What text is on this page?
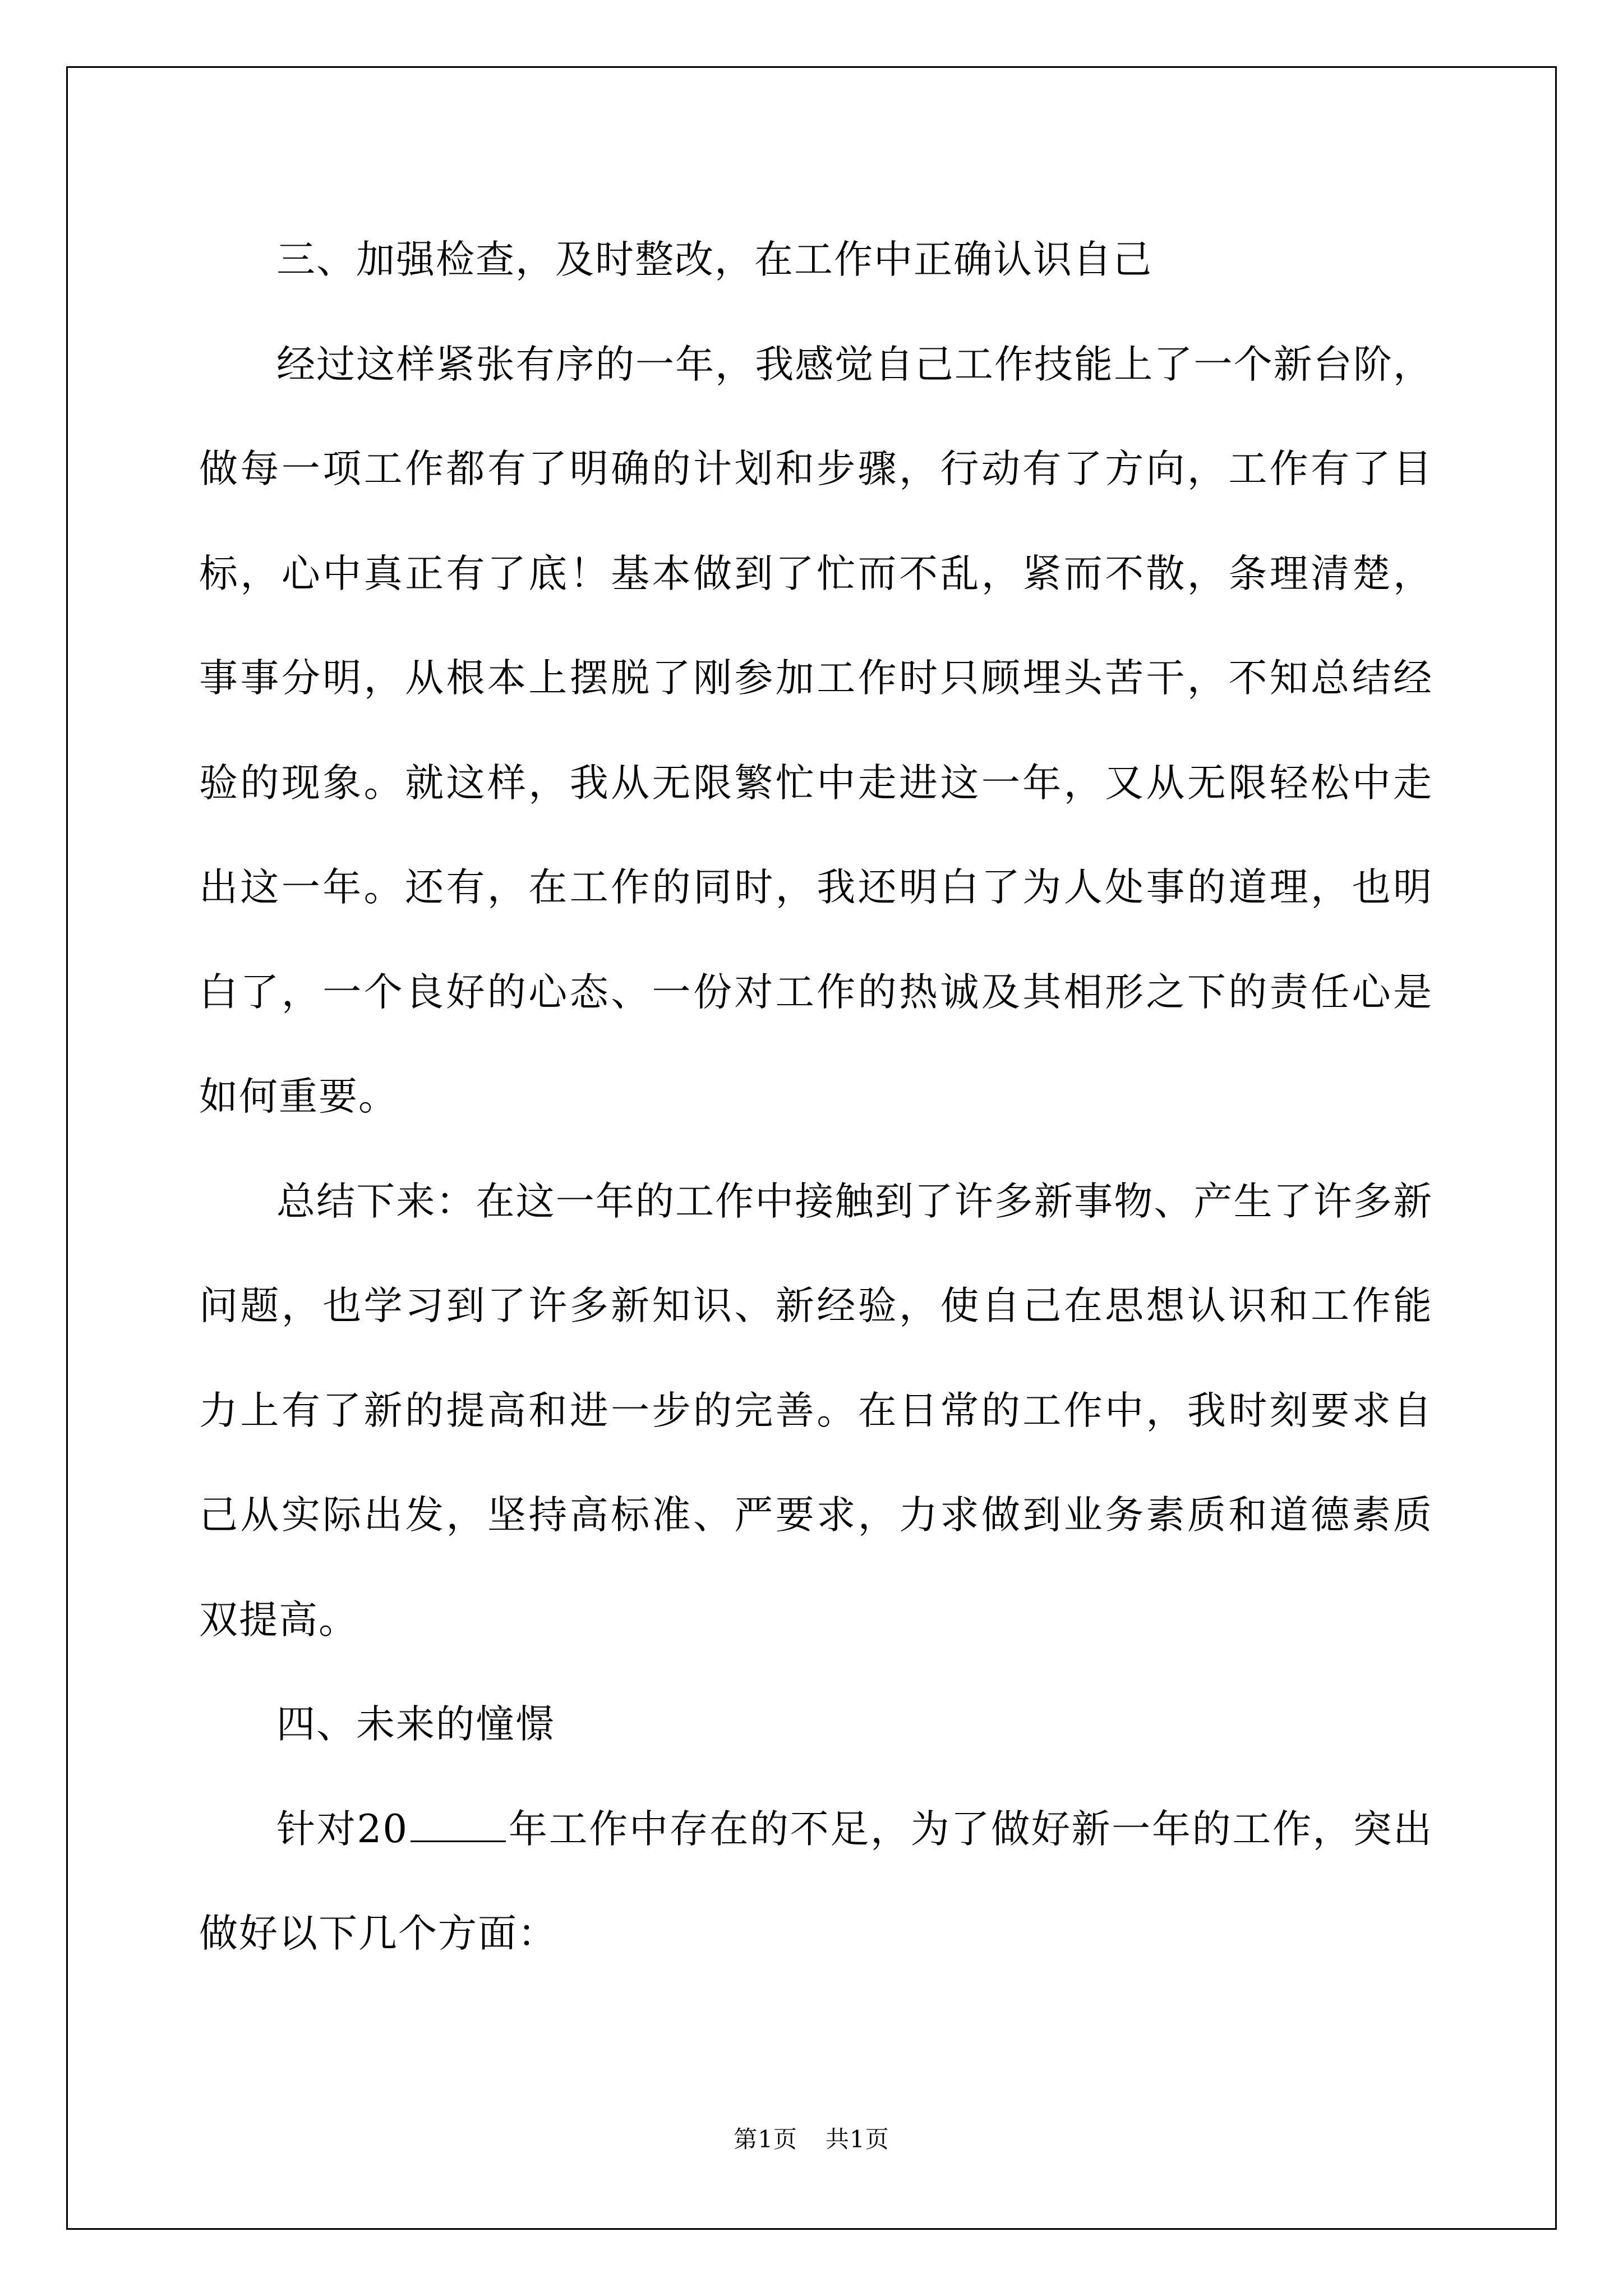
三、加强检查，及时整改，在工作中正确认识自己

经过这样紧张有序的一年，我感觉自己工作技能上了一个新台阶，做每一项工作都有了明确的计划和步骤，行动有了方向，工作有了目标，心中真正有了底！基本做到了忙而不乱，紧而不散，条理清楚，事事分明，从根本上摆脱了刚参加工作时只顾埋头苦干，不知总结经验的现象。就这样，我从无限繁忙中走进这一年，又从无限轻松中走出这一年。还有，在工作的同时，我还明白了为人处事的道理，也明白了，一个良好的心态、一份对工作的热诚及其相形之下的责任心是如何重要。

总结下来：在这一年的工作中接触到了许多新事物、产生了许多新问题，也学习到了许多新知识、新经验，使自己在思想认识和工作能力上有了新的提高和进一步的完善。在日常的工作中，我时刻要求自己从实际出发，坚持高标准、严要求，力求做到业务素质和道德素质双提高。

四、未来的憧憬

针对20	年工作中存在的不足，为了做好新一年的工作，突出做好以下几个方面：

第1页 共1页
